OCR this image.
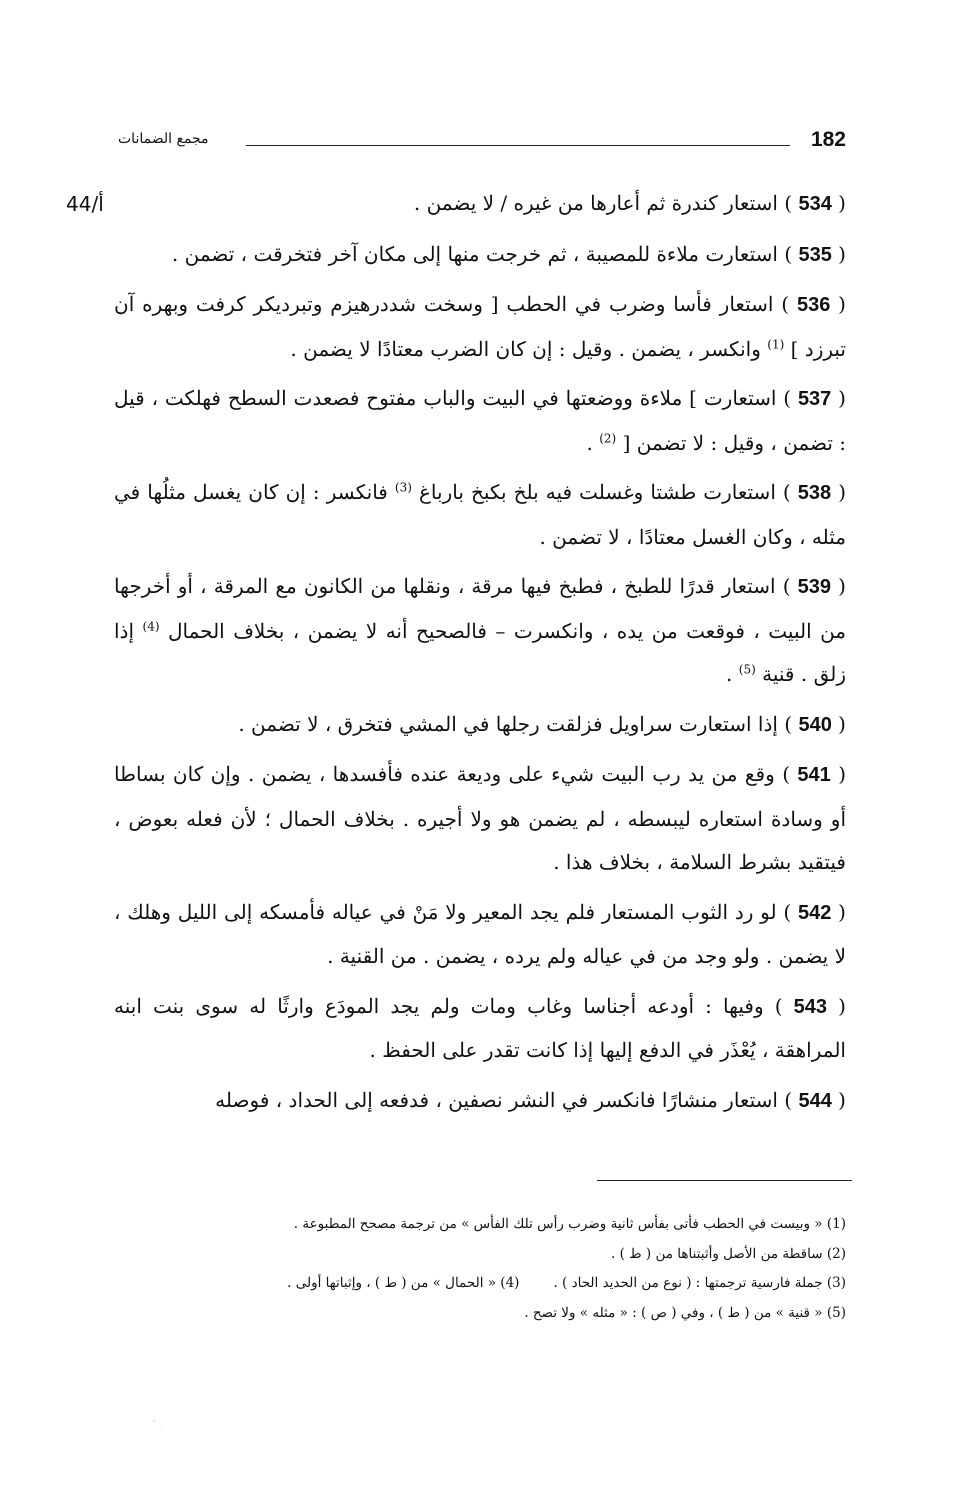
182
مجمع الضمانات
44/أ	( 534 ) استعار كندرة ثم أعارها من غيره / لا يضمن .

( 535 ) استعارت ملاءة للمصيبة ، ثم خرجت منها إلى مكان آخر فتخرقت ، تضمن .

( 536 ) استعار فأسا وضرب في الحطب [ وسخت شددرهيزم وتبرديكر كرفت وبهره آن تبرزد ] $^{(1)}$ وانكسر ، يضمن . وقيل : إن كان الضرب معتادًا لا يضمن .

( 537 ) استعارت ] ملاءة ووضعتها في البيت والباب مفتوح فصعدت السطح فهلكت ، قيل : تضمن ، وقيل : لا تضمن [ $^{(2)}$ .

( 538 ) استعارت طشتا وغسلت فيه بلخ بكبخ بارباغ $^{(3)}$ فانكسر : إن كان يغسل مثلُها في مثله ، وكان الغسل معتادًا ، لا تضمن .

( 539 ) استعار قدرًا للطبخ ، فطبخ فيها مرقة ، ونقلها من الكانون مع المرقة ، أو أخرجها من البيت ، فوقعت من يده ، وانكسرت – فالصحيح أنه لا يضمن ، بخلاف الحمال $^{(4)}$ إذا زلق . قنية $^{(5)}$ .

( 540 ) إذا استعارت سراويل فزلقت رجلها في المشي فتخرق ، لا تضمن .

( 541 ) وقع من يد رب البيت شيء على وديعة عنده فأفسدها ، يضمن . وإن كان بساطا أو وسادة استعاره ليبسطه ، لم يضمن هو ولا أجيره . بخلاف الحمال ؛ لأن فعله بعوض ، فيتقيد بشرط السلامة ، بخلاف هذا .

( 542 ) لو رد الثوب المستعار فلم يجد المعير ولا مَنْ في عياله فأمسكه إلى الليل وهلك ، لا يضمن . ولو وجد من في عياله ولم يرده ، يضمن . من القنية .

( 543 ) وفيها : أودعه أجناسا وغاب ومات ولم يجد المودَع وارثًا له سوى بنت ابنه المراهقة ، يُعْذَر في الدفع إليها إذا كانت تقدر على الحفظ .

( 544 ) استعار منشارًا فانكسر في النشر نصفين ، فدفعه إلى الحداد ، فوصله

(1) « وبيست في الحطب فأتى بفأس ثانية وضرب رأس تلك الفأس » من ترجمة مصحح المطبوعة .
(2) ساقطة من الأصل وأثبتناها من ( ط ) .
(3) جملة فارسية ترجمتها : ( نوع من الحديد الحاد ) .(4) « الحمال » من ( ط ) ، وإثباتها أولى .
(5) « قنية » من ( ط ) ، وفي ( ص ) : « مثله » ولا تصح .
